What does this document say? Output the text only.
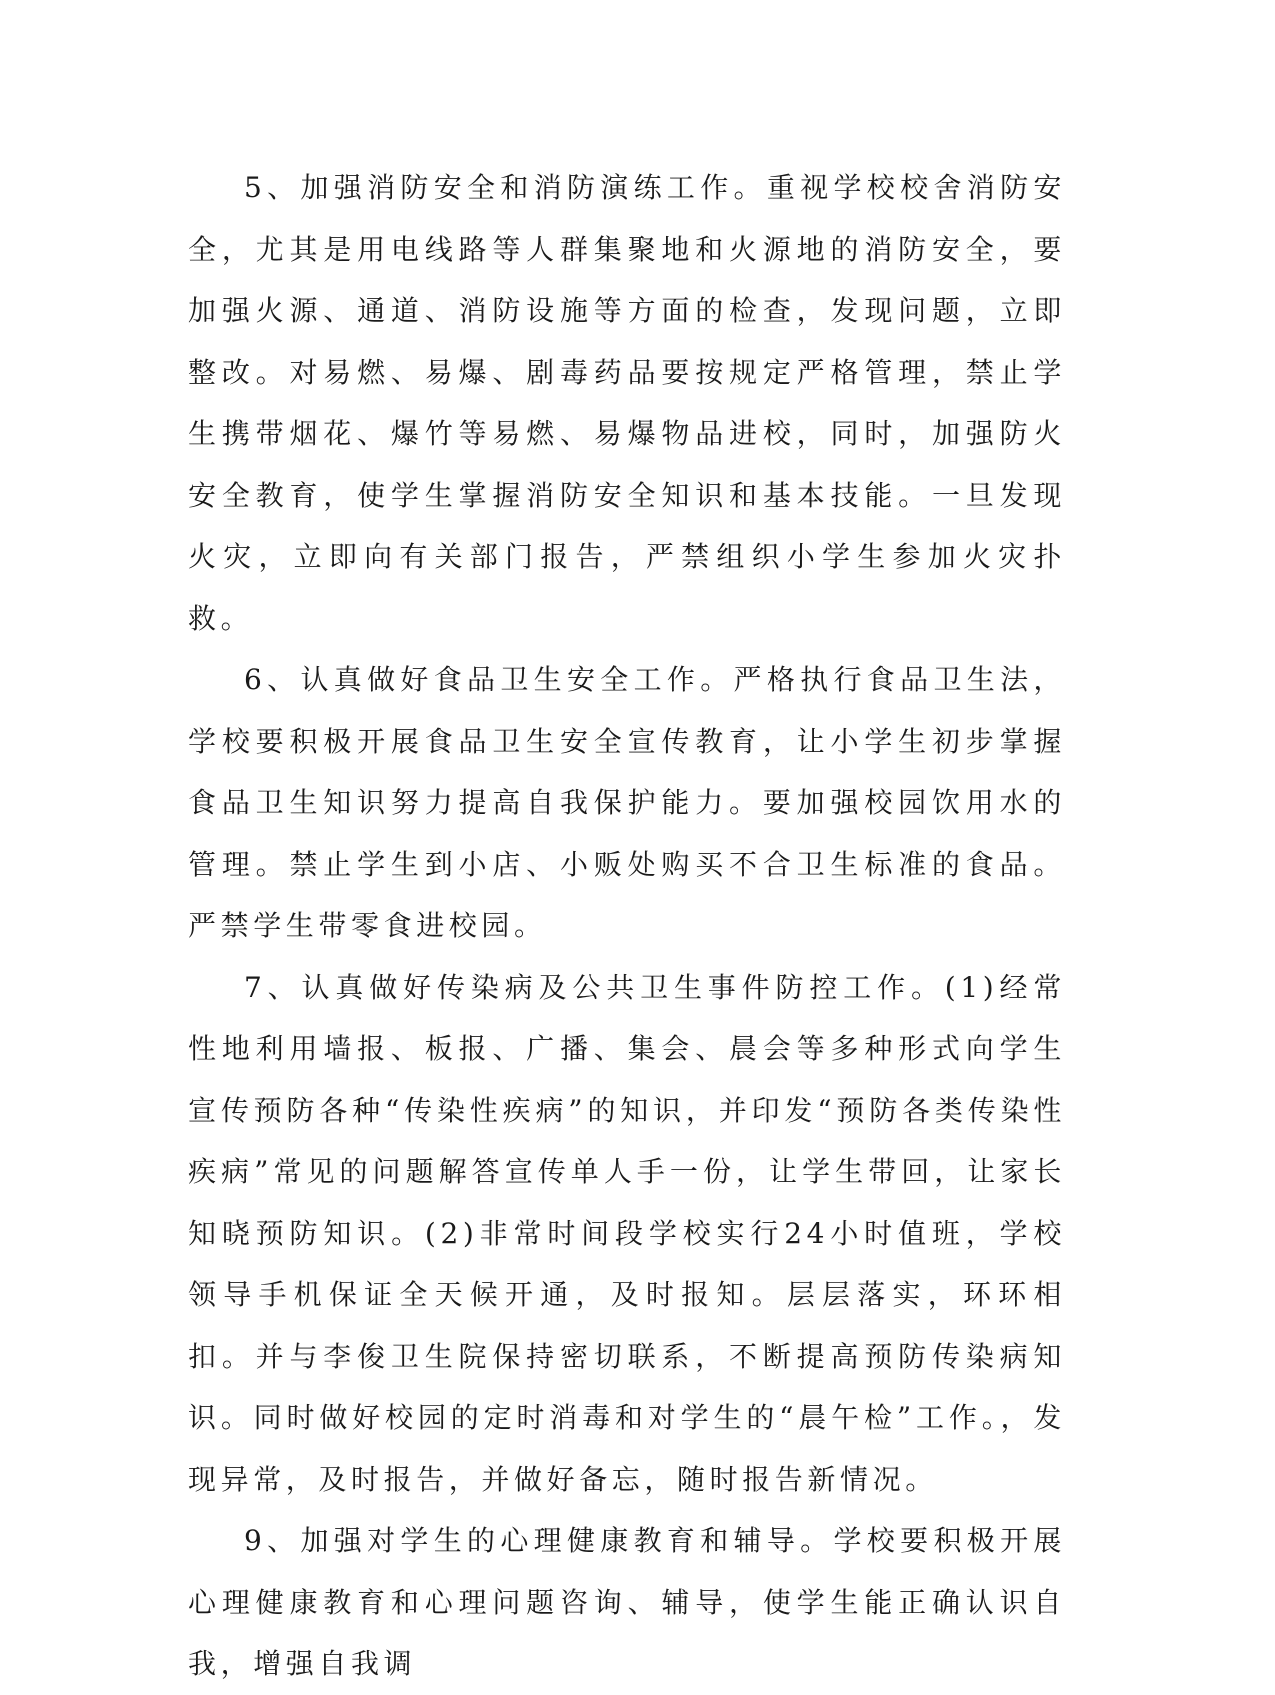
5、加强消防安全和消防演练工作。重视学校校舍消防安全，尤其是用电线路等人群集聚地和火源地的消防安全，要加强火源、通道、消防设施等方面的检查，发现问题，立即整改。对易燃、易爆、剧毒药品要按规定严格管理，禁止学生携带烟花、爆竹等易燃、易爆物品进校，同时，加强防火安全教育，使学生掌握消防安全知识和基本技能。一旦发现火灾，立即向有关部门报告，严禁组织小学生参加火灾扑救。

6、认真做好食品卫生安全工作。严格执行食品卫生法，学校要积极开展食品卫生安全宣传教育，让小学生初步掌握食品卫生知识努力提高自我保护能力。要加强校园饮用水的管理。禁止学生到小店、小贩处购买不合卫生标准的食品。严禁学生带零食进校园。

7、认真做好传染病及公共卫生事件防控工作。(1)经常性地利用墙报、板报、广播、集会、晨会等多种形式向学生宣传预防各种“传染性疾病”的知识，并印发“预防各类传染性疾病”常见的问题解答宣传单人手一份，让学生带回，让家长知晓预防知识。(2)非常时间段学校实行24小时值班，学校领导手机保证全天候开通，及时报知。层层落实，环环相扣。并与李俊卫生院保持密切联系，不断提高预防传染病知识。同时做好校园的定时消毒和对学生的“晨午检”工作。，发现异常，及时报告，并做好备忘，随时报告新情况。

9、加强对学生的心理健康教育和辅导。学校要积极开展心理健康教育和心理问题咨询、辅导，使学生能正确认识自我，增强自我调
